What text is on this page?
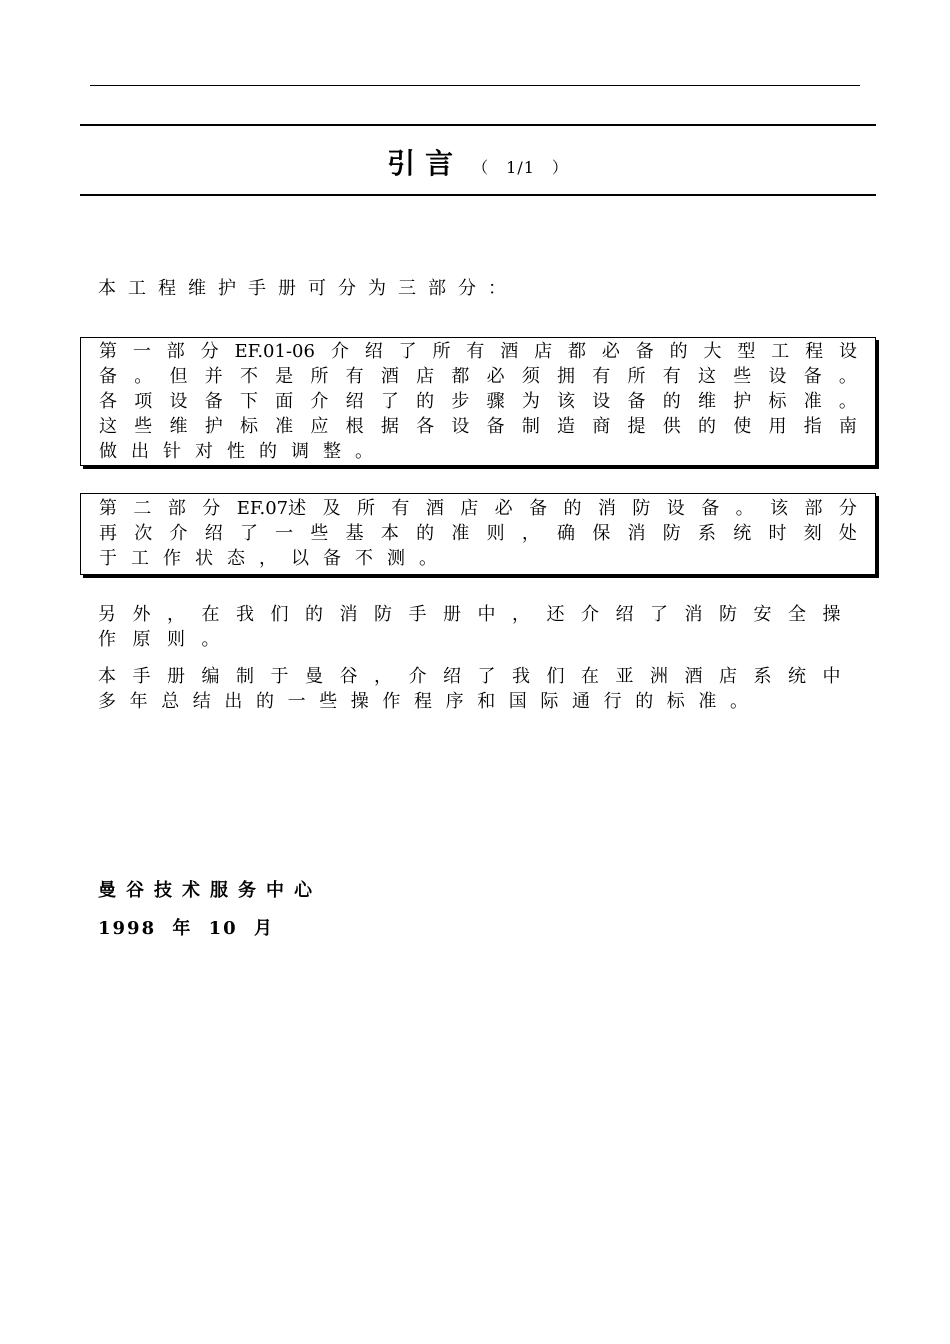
引言 （　1/1　）
本工程维护手册可分为三部分：
第 一 部 分 EF.01-06 介 绍 了 所 有 酒 店 都 必 备 的 大 型 工 程 设
备 。 但 并 不 是 所 有 酒 店 都 必 须 拥 有 所 有 这 些 设 备 。
各 项 设 备 下 面 介 绍 了 的 步 骤 为 该 设 备 的 维 护 标 准 。
这 些 维 护 标 准 应 根 据 各 设 备 制 造 商 提 供 的 使 用 指 南
做 出 针 对 性 的 调 整 。
第 二 部 分 EF.07述 及 所 有 酒 店 必 备 的 消 防 设 备 。 该 部 分
再 次 介 绍 了 一 些 基 本 的 准 则 ， 确 保 消 防 系 统 时 刻 处
于 工 作 状 态 ， 以 备 不 测 。
另外，在我们的消防手册中，还介绍了消防安全操
作原则。
本手册编制于曼谷，介绍了我们在亚洲酒店系统中
多年总结出的一些操作程序和国际通行的标准。
曼谷技术服务中心
1998 年 10 月
